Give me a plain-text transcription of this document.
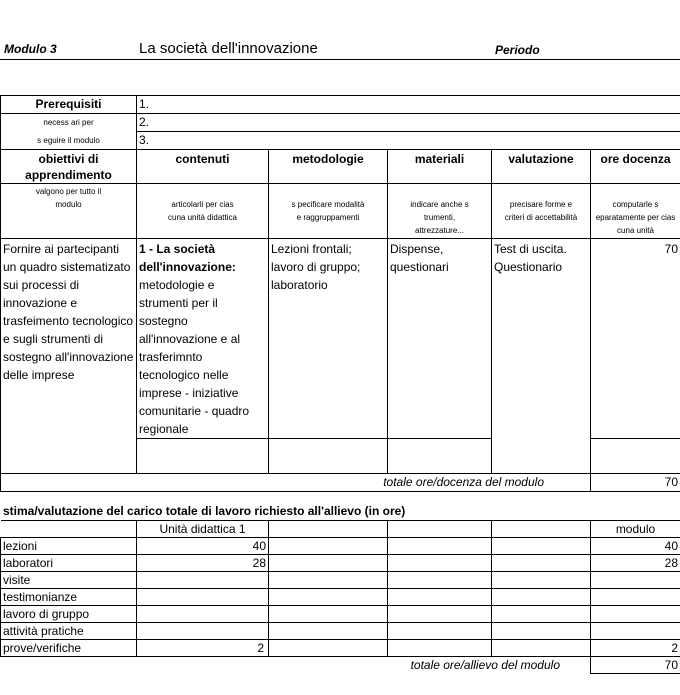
Modulo 3	La società dell'innovazione	Periodo
Prerequisiti	1.				
necess ari per	2.				
s eguire il modulo	3.				
obiettivi di apprendimento	contenuti	metodologie	materiali	valutazione	ore docenza
valgono per tutto il modulo	articolarli per cias cuna unità didattica	s pecificare modalità e raggruppamenti	indicare anche s trumenti, attrezzature...	precisare forme e criteri di accettabilità	computarle s eparatamente per cias cuna unità
Fornire ai partecipanti un quadro sistematizato sui processi di innovazione e trasfeimento tecnologico e sugli strumenti di sostegno all'innovazione delle imprese	1 - La società dell'innovazione: metodologie e strumenti per il sostegno all'innovazione e al trasferimnto tecnologico nelle imprese - iniziative comunitarie - quadro regionale	Lezioni frontali; lavoro di gruppo; laboratorio	Dispense, questionari	Test di uscita. Questionario	70

totale ore/docenza del modulo					70
stima/valutazione del carico totale di lavoro richiesto all'allievo (in ore)
	Unità didattica 1				modulo
lezioni	40				40
laboratori	28				28
visite					
testimonianze					
lavoro di gruppo					
attività pratiche					
prove/verifiche	2				2
totale ore/allievo del modulo					70
